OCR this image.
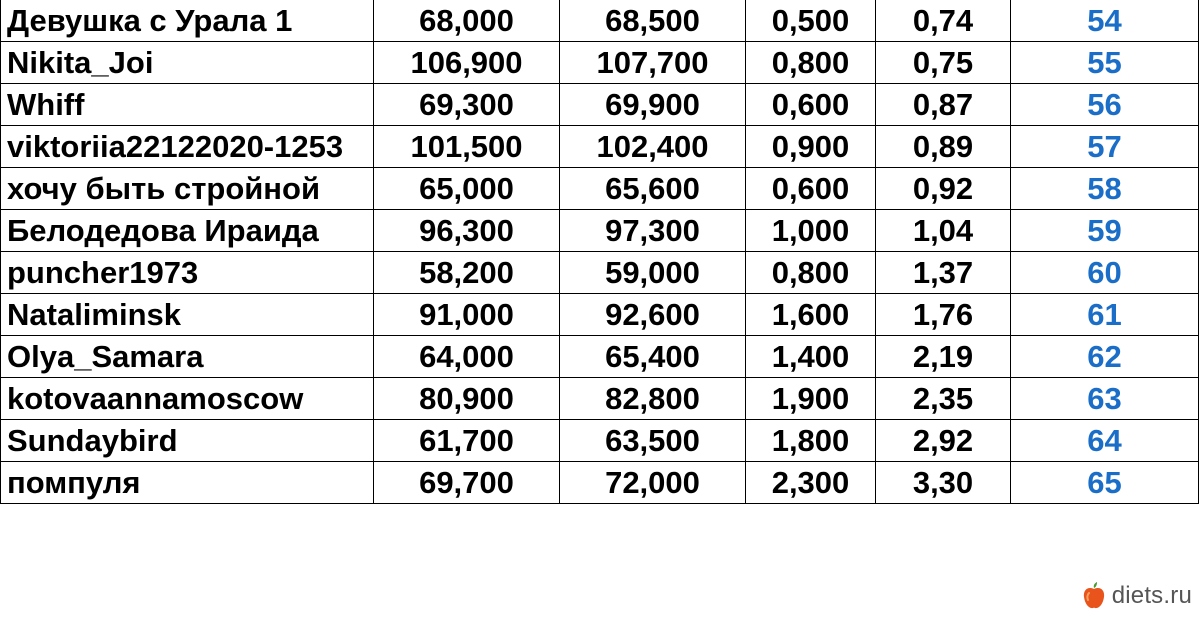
Девушка с Урала 1	68,000	68,500	0,500	0,74	54
Nikita_Joi	106,900	107,700	0,800	0,75	55
Whiff	69,300	69,900	0,600	0,87	56
viktoriia22122020-1253	101,500	102,400	0,900	0,89	57
хочу быть стройной	65,000	65,600	0,600	0,92	58
Белодедова Ираида	96,300	97,300	1,000	1,04	59
puncher1973	58,200	59,000	0,800	1,37	60
Nataliminsk	91,000	92,600	1,600	1,76	61
Olya_Samara	64,000	65,400	1,400	2,19	62
kotovaannamoscow	80,900	82,800	1,900	2,35	63
Sundaybird	61,700	63,500	1,800	2,92	64
помпуля	69,700	72,000	2,300	3,30	65
diets.ru
